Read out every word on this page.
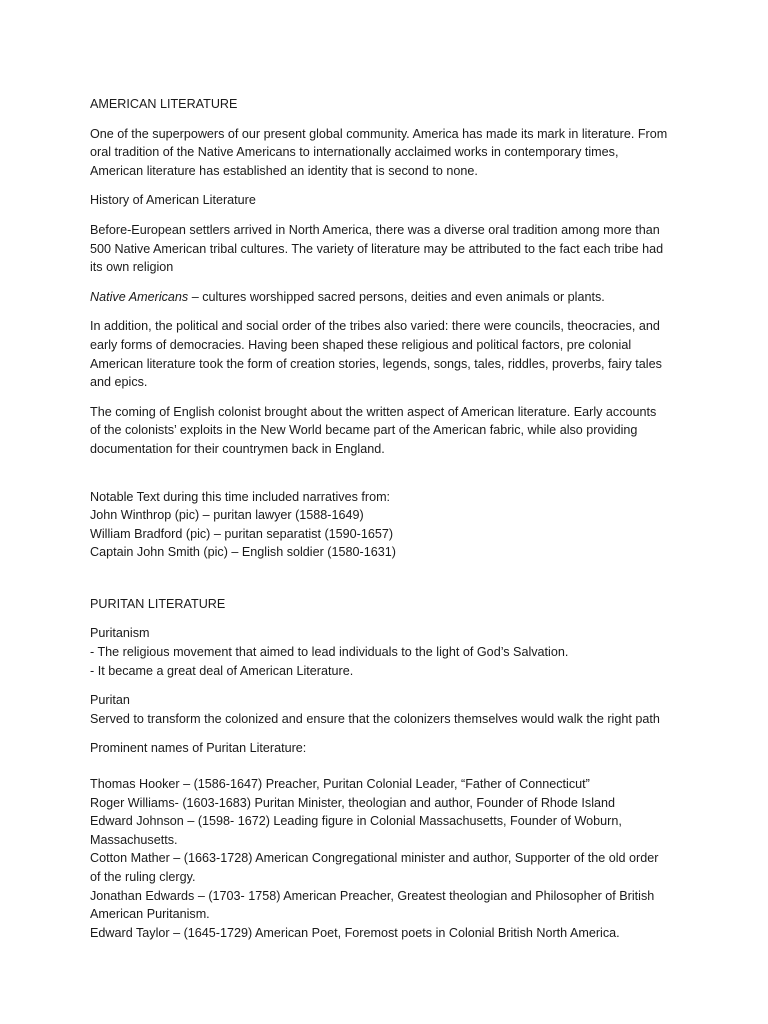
AMERICAN LITERATURE

One of the superpowers of our present global community. America has made its mark in literature. From
oral tradition of the Native Americans to internationally acclaimed works in contemporary times,
American literature has established an identity that is second to none.

History of American Literature

Before-European settlers arrived in North America, there was a diverse oral tradition among more than
500 Native American tribal cultures. The variety of literature may be attributed to the fact each tribe had
its own religion

Native Americans – cultures worshipped sacred persons, deities and even animals or plants.

In addition, the political and social order of the tribes also varied: there were councils, theocracies, and
early forms of democracies. Having been shaped these religious and political factors, pre colonial
American literature took the form of creation stories, legends, songs, tales, riddles, proverbs, fairy tales
and epics.

The coming of English colonist brought about the written aspect of American literature. Early accounts
of the colonists’ exploits in the New World became part of the American fabric, while also providing
documentation for their countrymen back in England.

Notable Text during this time included narratives from:
John Winthrop (pic) – puritan lawyer (1588-1649)
William Bradford (pic) – puritan separatist (1590-1657)
Captain John Smith (pic) – English soldier (1580-1631)

PURITAN LITERATURE

Puritanism
- The religious movement that aimed to lead individuals to the light of God’s Salvation.
- It became a great deal of American Literature.

Puritan
Served to transform the colonized and ensure that the colonizers themselves would walk the right path

Prominent names of Puritan Literature:

Thomas Hooker – (1586-1647) Preacher, Puritan Colonial Leader, “Father of Connecticut”
Roger Williams- (1603-1683) Puritan Minister, theologian and author, Founder of Rhode Island
Edward Johnson – (1598- 1672) Leading figure in Colonial Massachusetts, Founder of Woburn,
Massachusetts.
Cotton Mather – (1663-1728) American Congregational minister and author, Supporter of the old order
of the ruling clergy.
Jonathan Edwards – (1703- 1758) American Preacher, Greatest theologian and Philosopher of British
American Puritanism.
Edward Taylor – (1645-1729) American Poet, Foremost poets in Colonial British North America.
